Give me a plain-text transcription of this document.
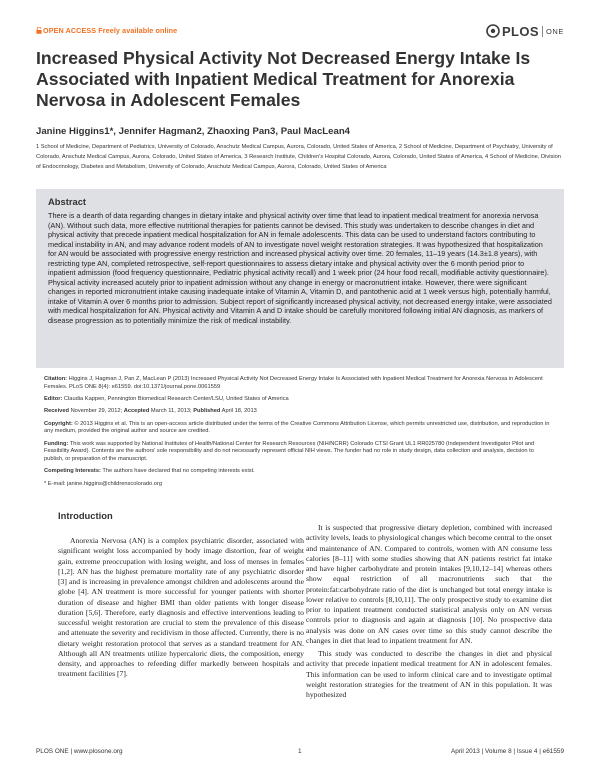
OPEN ACCESS Freely available online	PLOS ONE
Increased Physical Activity Not Decreased Energy Intake Is Associated with Inpatient Medical Treatment for Anorexia Nervosa in Adolescent Females
Janine Higgins1*, Jennifer Hagman2, Zhaoxing Pan3, Paul MacLean4
1 School of Medicine, Department of Pediatrics, University of Colorado, Anschutz Medical Campus, Aurora, Colorado, United States of America, 2 School of Medicine, Department of Psychiatry, University of Colorado, Anschutz Medical Campus, Aurora, Colorado, United States of America, 3 Research Institute, Children's Hospital Colorado, Aurora, Colorado, United States of America, 4 School of Medicine, Division of Endocrinology, Diabetes and Metabolism, University of Colorado, Anschutz Medical Campus, Aurora, Colorado, United States of America
Abstract

There is a dearth of data regarding changes in dietary intake and physical activity over time that lead to inpatient medical treatment for anorexia nervosa (AN). Without such data, more effective nutritional therapies for patients cannot be devised. This study was undertaken to describe changes in diet and physical activity that precede inpatient medical hospitalization for AN in female adolescents. This data can be used to understand factors contributing to medical instability in AN, and may advance rodent models of AN to investigate novel weight restoration strategies. It was hypothesized that hospitalization for AN would be associated with progressive energy restriction and increased physical activity over time. 20 females, 11–19 years (14.3±1.8 years), with restricting type AN, completed retrospective, self-report questionnaires to assess dietary intake and physical activity over the 6 month period prior to inpatient admission (food frequency questionnaire, Pediatric physical activity recall) and 1 week prior (24 hour food recall, modifiable activity questionnaire). Physical activity increased acutely prior to inpatient admission without any change in energy or macronutrient intake. However, there were significant changes in reported micronutrient intake causing inadequate intake of Vitamin A, Vitamin D, and pantothenic acid at 1 week versus high, potentially harmful, intake of Vitamin A over 6 months prior to admission. Subject report of significantly increased physical activity, not decreased energy intake, were associated with medical hospitalization for AN. Physical activity and Vitamin A and D intake should be carefully monitored following initial AN diagnosis, as markers of disease progression as to potentially minimize the risk of medical instability.

Citation: Higgins J, Hagman J, Pan Z, MacLean P (2013) Increased Physical Activity Not Decreased Energy Intake Is Associated with Inpatient Medical Treatment for Anorexia Nervosa in Adolescent Females. PLoS ONE 8(4): e61559. doi:10.1371/journal.pone.0061559

Editor: Claudia Kappen, Pennington Biomedical Research Center/LSU, United States of America

Received November 29, 2012; Accepted March 11, 2013; Published April 18, 2013

Copyright: © 2013 Higgins et al. This is an open-access article distributed under the terms of the Creative Commons Attribution License, which permits unrestricted use, distribution, and reproduction in any medium, provided the original author and source are credited.

Funding: This work was supported by National Institutes of Health/National Center for Research Resources (NIH/NCRR) Colorado CTSI Grant UL1 RR025780 (Independent Investigator Pilot and Feasibility Award). Contents are the authors' sole responsibility and do not necessarily represent official NIH views. The funder had no role in study design, data collection and analysis, decision to publish, or preparation of the manuscript.

Competing Interests: The authors have declared that no competing interests exist.

* E-mail: janine.higgins@childrenscolorado.org

Introduction

Anorexia Nervosa (AN) is a complex psychiatric disorder, associated with significant weight loss accompanied by body image distortion, fear of weight gain, extreme preoccupation with losing weight, and loss of menses in females [1,2]. AN has the highest premature mortality rate of any psychiatric disorder [3] and is increasing in prevalence amongst children and adolescents around the globe [4]. AN treatment is more successful for younger patients with shorter duration of disease and higher BMI than older patients with longer disease duration [5,6]. Therefore, early diagnosis and effective interventions leading to successful weight restoration are crucial to stem the prevalence of this disease and attenuate the severity and recidivism in those affected. Currently, there is no dietary weight restoration protocol that serves as a standard treatment for AN. Although all AN treatments utilize hypercaloric diets, the composition, energy density, and approaches to refeeding differ markedly between hospitals and treatment facilities [7].

It is suspected that progressive dietary depletion, combined with increased activity levels, leads to physiological changes which become central to the onset and maintenance of AN. Compared to controls, women with AN consume less calories [8–11] with some studies showing that AN patients restrict fat intake and have higher carbohydrate and protein intakes [9,10,12–14] whereas others show equal restriction of all macronutrients such that the protein:fat:carbohydrate ratio of the diet is unchanged but total energy intake is lower relative to controls [8,10,11]. The only prospective study to examine diet prior to inpatient treatment conducted statistical analysis only on AN versus controls prior to diagnosis and again at diagnosis [10]. No prospective data analysis was done on AN cases over time so this study cannot describe the changes in diet that lead to inpatient treatment for AN.

This study was conducted to describe the changes in diet and physical activity that precede inpatient medical treatment for AN in adolescent females. This information can be used to inform clinical care and to investigate optimal weight restoration strategies for the treatment of AN in this population. It was hypothesized

PLOS ONE | www.plosone.org	1	April 2013 | Volume 8 | Issue 4 | e61559
